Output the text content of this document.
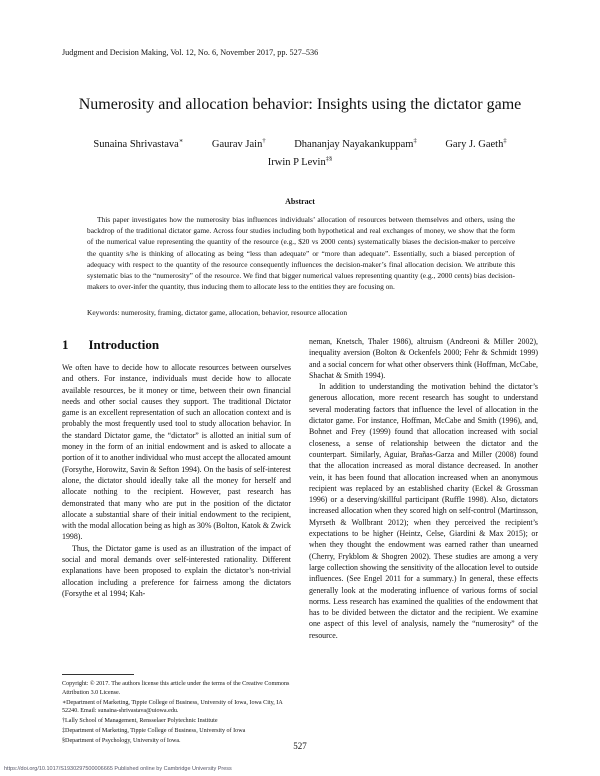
Judgment and Decision Making, Vol. 12, No. 6, November 2017, pp. 527–536
Numerosity and allocation behavior: Insights using the dictator game
Sunaina Shrivastava∗	Gaurav Jain†	Dhananjay Nayakankuppam‡	Gary J. Gaeth‡
Irwin P Levin‡§
Abstract
This paper investigates how the numerosity bias influences individuals’ allocation of resources between themselves and others, using the backdrop of the traditional dictator game. Across four studies including both hypothetical and real exchanges of money, we show that the form of the numerical value representing the quantity of the resource (e.g., $20 vs 2000 cents) systematically biases the decision-maker to perceive the quantity s/he is thinking of allocating as being “less than adequate” or “more than adequate”. Essentially, such a biased perception of adequacy with respect to the quantity of the resource consequently influences the decision-maker’s final allocation decision. We attribute this systematic bias to the “numerosity” of the resource. We find that bigger numerical values representing quantity (e.g., 2000 cents) bias decision-makers to over-infer the quantity, thus inducing them to allocate less to the entities they are focusing on.
Keywords: numerosity, framing, dictator game, allocation, behavior, resource allocation
1 Introduction

We often have to decide how to allocate resources between ourselves and others. For instance, individuals must decide how to allocate available resources, be it money or time, between their own financial needs and other social causes they support. The traditional Dictator game is an excellent representation of such an allocation context and is probably the most frequently used tool to study allocation behavior. In the standard Dictator game, the “dictator” is allotted an initial sum of money in the form of an initial endowment and is asked to allocate a portion of it to another individual who must accept the allocated amount (Forsythe, Horowitz, Savin & Sefton 1994). On the basis of self-interest alone, the dictator should ideally take all the money for herself and allocate nothing to the recipient. However, past research has demonstrated that many who are put in the position of the dictator allocate a substantial share of their initial endowment to the recipient, with the modal allocation being as high as 30% (Bolton, Katok & Zwick 1998).

Thus, the Dictator game is used as an illustration of the impact of social and moral demands over self-interested rationality. Different explanations have been proposed to explain the dictator’s non-trivial allocation including a preference for fairness among the dictators (Forsythe et al 1994; Kah-

neman, Knetsch, Thaler 1986), altruism (Andreoni & Miller 2002), inequality aversion (Bolton & Ockenfels 2000; Fehr & Schmidt 1999) and a social concern for what other observers think (Hoffman, McCabe, Shachat & Smith 1994).

In addition to understanding the motivation behind the dictator’s generous allocation, more recent research has sought to understand several moderating factors that influence the level of allocation in the dictator game. For instance, Hoffman, McCabe and Smith (1996), and, Bohnet and Frey (1999) found that allocation increased with social closeness, a sense of relationship between the dictator and the counterpart. Similarly, Aguiar, Brañas-Garza and Miller (2008) found that the allocation increased as moral distance decreased. In another vein, it has been found that allocation increased when an anonymous recipient was replaced by an established charity (Eckel & Grossman 1996) or a deserving/skillful participant (Ruffle 1998). Also, dictators increased allocation when they scored high on self-control (Martinsson, Myrseth & Wollbrant 2012); when they perceived the recipient’s expectations to be higher (Heintz, Celse, Giardini & Max 2015); or when they thought the endowment was earned rather than unearned (Cherry, Frykblom & Shogren 2002). These studies are among a very large collection showing the sensitivity of the allocation level to outside influences. (See Engel 2011 for a summary.) In general, these effects generally look at the moderating influence of various forms of social norms. Less research has examined the qualities of the endowment that has to be divided between the dictator and the recipient. We examine one aspect of this level of analysis, namely the “numerosity” of the resource.

Copyright: © 2017. The authors license this article under the terms of the Creative Commons Attribution 3.0 License.
∗Department of Marketing, Tippie College of Business, University of Iowa, Iowa City, IA 52240. Email: sunaina-shrivastava@uiowa.edu.
†Lally School of Management, Rensselaer Polytechnic Institute
‡Department of Marketing, Tippie College of Business, University of Iowa
§Department of Psychology, University of Iowa.	527
https://doi.org/10.1017/S1930297500006665 Published online by Cambridge University Press
